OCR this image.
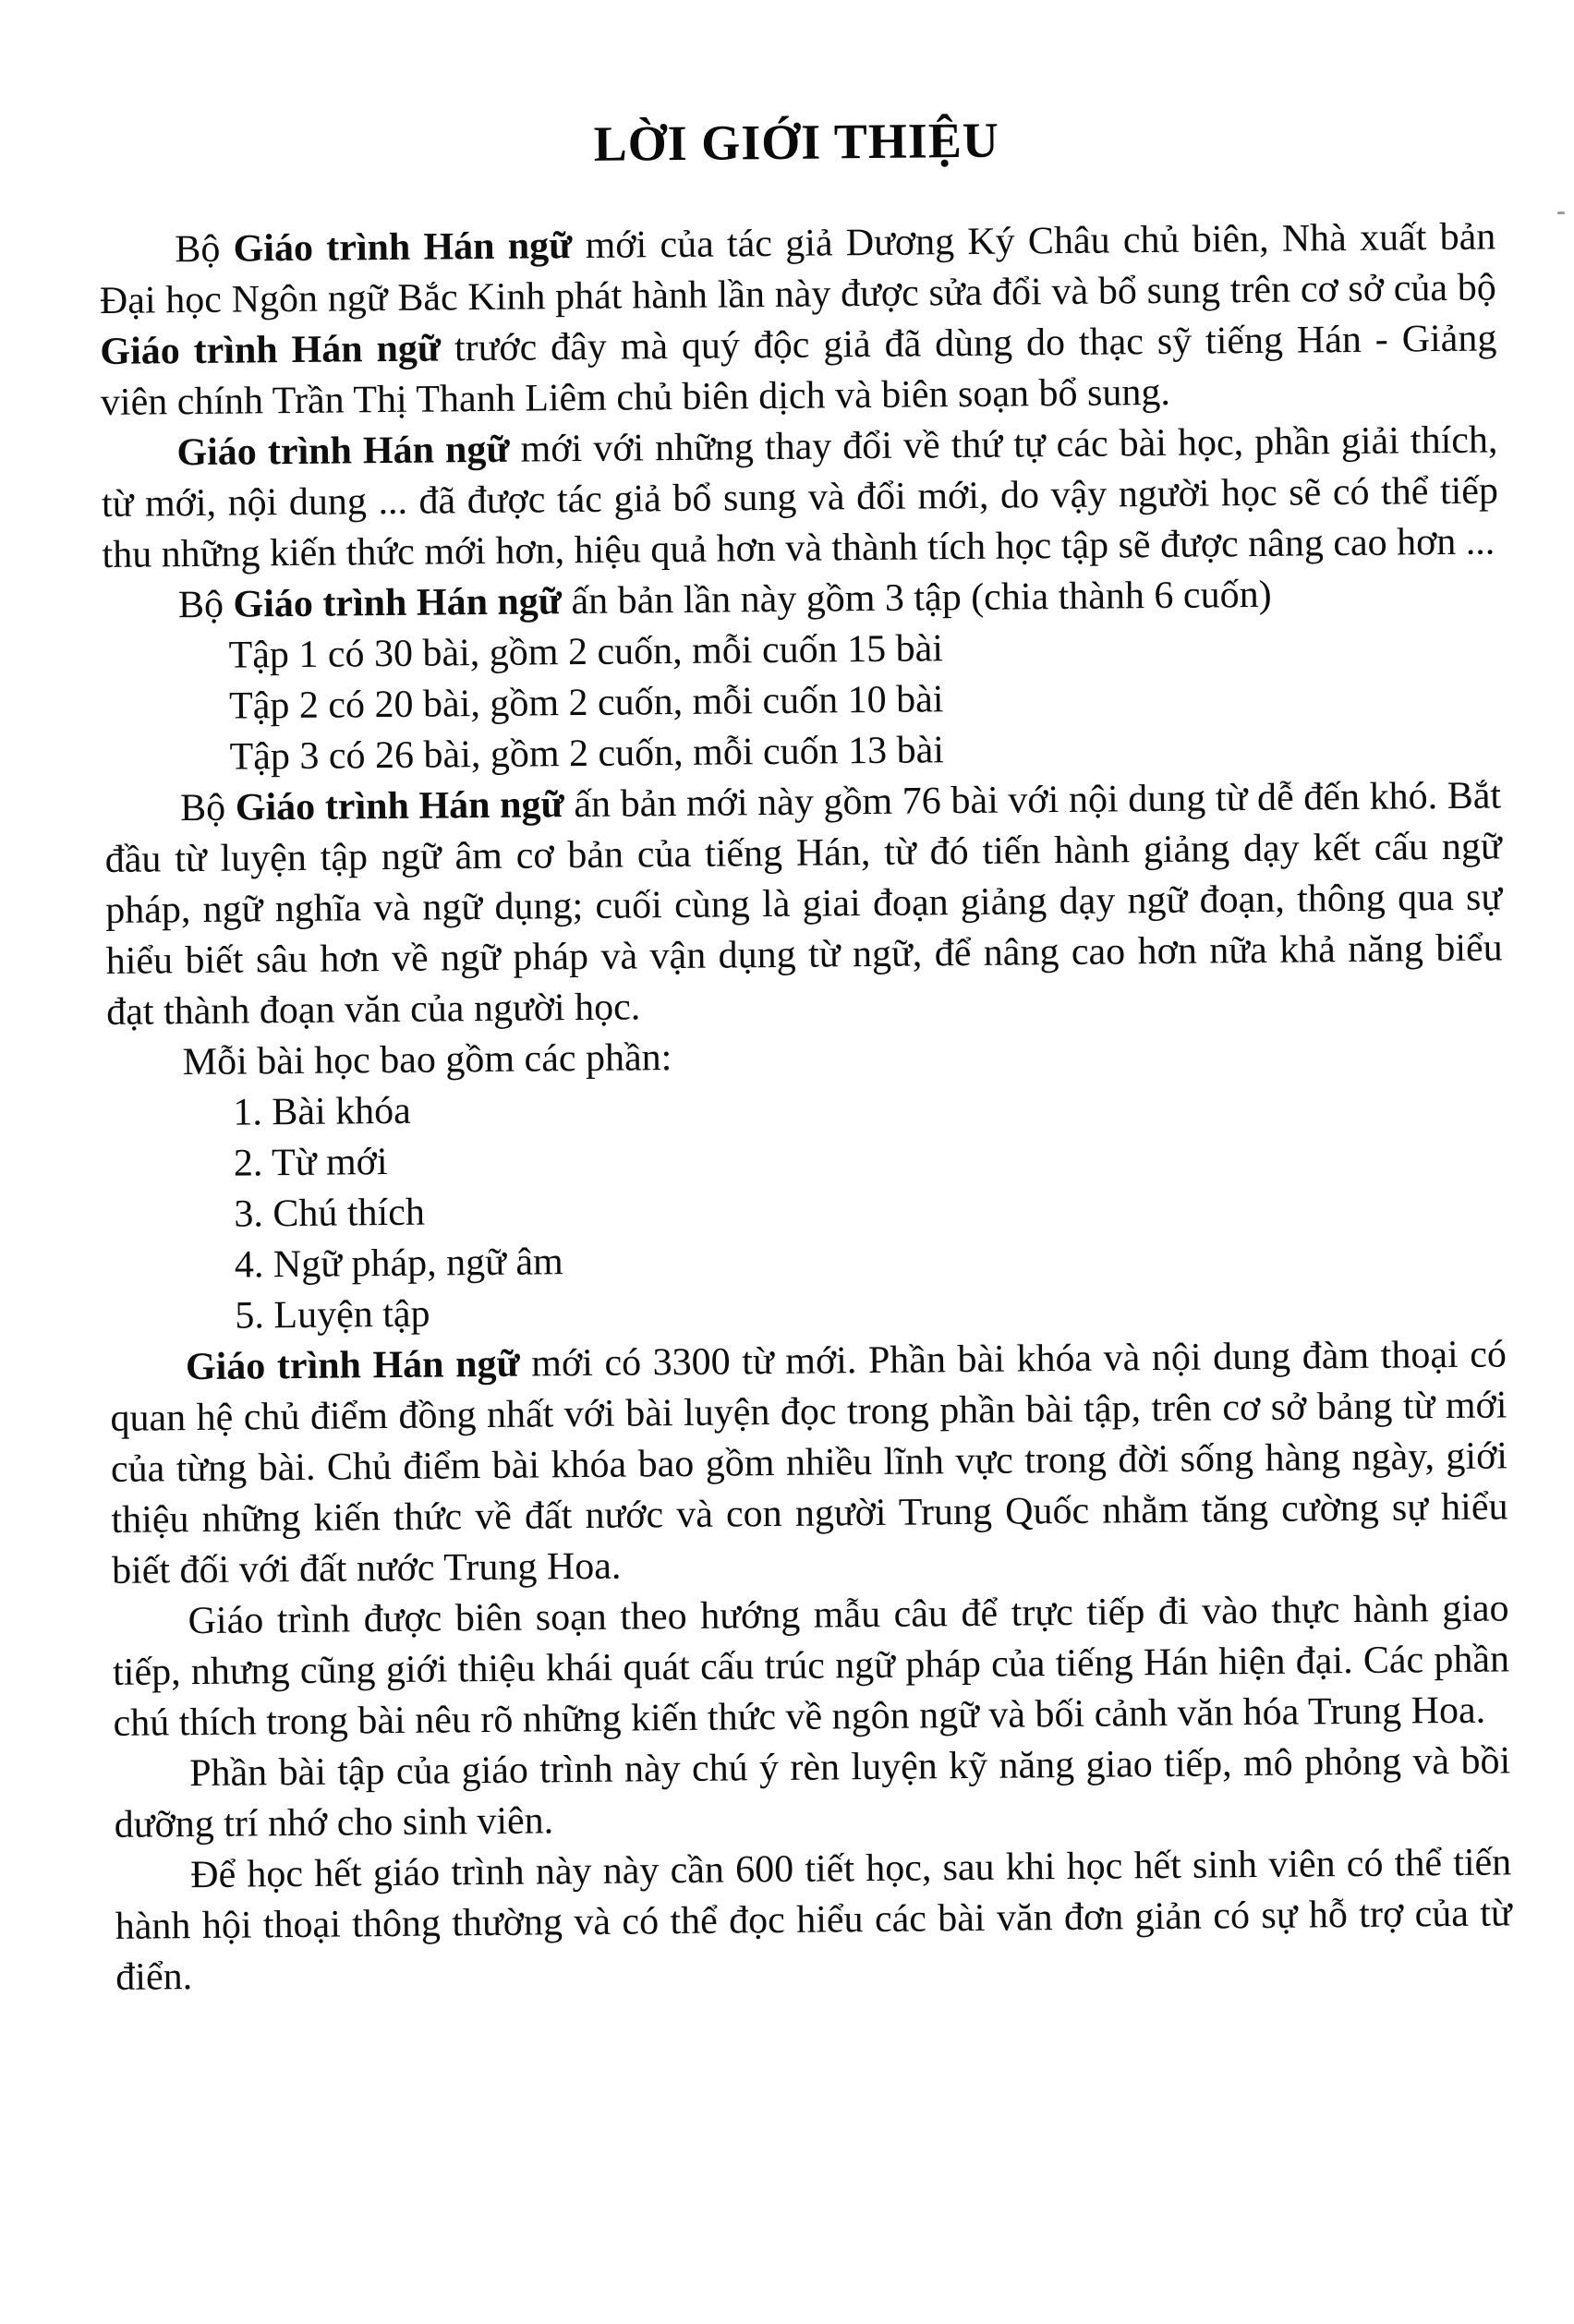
LỜI GIỚI THIỆU

Bộ Giáo trình Hán ngữ mới của tác giả Dương Ký Châu chủ biên, Nhà xuất bản Đại học Ngôn ngữ Bắc Kinh phát hành lần này được sửa đổi và bổ sung trên cơ sở của bộ Giáo trình Hán ngữ trước đây mà quý độc giả đã dùng do thạc sỹ tiếng Hán - Giảng viên chính Trần Thị Thanh Liêm chủ biên dịch và biên soạn bổ sung.

Giáo trình Hán ngữ mới với những thay đổi về thứ tự các bài học, phần giải thích, từ mới, nội dung ... đã được tác giả bổ sung và đổi mới, do vậy người học sẽ có thể tiếp thu những kiến thức mới hơn, hiệu quả hơn và thành tích học tập sẽ được nâng cao hơn ...

Bộ Giáo trình Hán ngữ ấn bản lần này gồm 3 tập (chia thành 6 cuốn)

Tập 1 có 30 bài, gồm 2 cuốn, mỗi cuốn 15 bài

Tập 2 có 20 bài, gồm 2 cuốn, mỗi cuốn 10 bài

Tập 3 có 26 bài, gồm 2 cuốn, mỗi cuốn 13 bài

Bộ Giáo trình Hán ngữ ấn bản mới này gồm 76 bài với nội dung từ dễ đến khó. Bắt đầu từ luyện tập ngữ âm cơ bản của tiếng Hán, từ đó tiến hành giảng dạy kết cấu ngữ pháp, ngữ nghĩa và ngữ dụng; cuối cùng là giai đoạn giảng dạy ngữ đoạn, thông qua sự hiểu biết sâu hơn về ngữ pháp và vận dụng từ ngữ, để nâng cao hơn nữa khả năng biểu đạt thành đoạn văn của người học.

Mỗi bài học bao gồm các phần:

1. Bài khóa

2. Từ mới

3. Chú thích

4. Ngữ pháp, ngữ âm

5. Luyện tập

Giáo trình Hán ngữ mới có 3300 từ mới. Phần bài khóa và nội dung đàm thoại có quan hệ chủ điểm đồng nhất với bài luyện đọc trong phần bài tập, trên cơ sở bảng từ mới của từng bài. Chủ điểm bài khóa bao gồm nhiều lĩnh vực trong đời sống hàng ngày, giới thiệu những kiến thức về đất nước và con người Trung Quốc nhằm tăng cường sự hiểu biết đối với đất nước Trung Hoa.

Giáo trình được biên soạn theo hướng mẫu câu để trực tiếp đi vào thực hành giao tiếp, nhưng cũng giới thiệu khái quát cấu trúc ngữ pháp của tiếng Hán hiện đại. Các phần chú thích trong bài nêu rõ những kiến thức về ngôn ngữ và bối cảnh văn hóa Trung Hoa.

Phần bài tập của giáo trình này chú ý rèn luyện kỹ năng giao tiếp, mô phỏng và bồi dưỡng trí nhớ cho sinh viên.

Để học hết giáo trình này này cần 600 tiết học, sau khi học hết sinh viên có thể tiến hành hội thoại thông thường và có thể đọc hiểu các bài văn đơn giản có sự hỗ trợ của từ điển.
